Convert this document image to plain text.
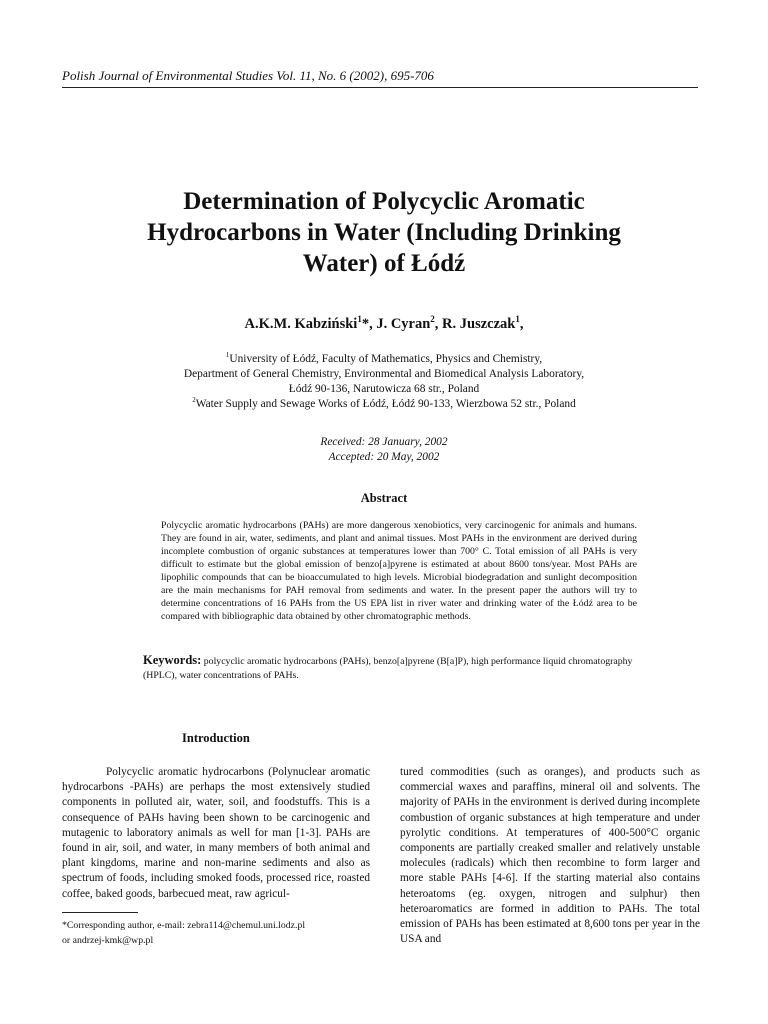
Polish Journal of Environmental Studies Vol. 11, No. 6 (2002), 695-706
Determination of Polycyclic Aromatic
Hydrocarbons in Water (Including Drinking
Water) of Łódź
A.K.M. Kabziński$^1$*, J. Cyran$^2$, R. Juszczak$^1$,
$^1$University of Łódź, Faculty of Mathematics, Physics and Chemistry,
Department of General Chemistry, Environmental and Biomedical Analysis Laboratory,
Łódź 90-136, Narutowicza 68 str., Poland
$^2$Water Supply and Sewage Works of Łódź, Łódź 90-133, Wierzbowa 52 str., Poland
Received: 28 January, 2002
Accepted: 20 May, 2002
Abstract

Polycyclic aromatic hydrocarbons (PAHs) are more dangerous xenobiotics, very carcinogenic for animals and humans. They are found in air, water, sediments, and plant and animal tissues. Most PAHs in the environment are derived during incomplete combustion of organic substances at temperatures lower than 700° C. Total emission of all PAHs is very difficult to estimate but the global emission of benzo[a]pyrene is estimated at about 8600 tons/year. Most PAHs are lipophilic compounds that can be bioaccumulated to high levels. Microbial biodegradation and sunlight decomposition are the main mechanisms for PAH removal from sediments and water. In the present paper the authors will try to determine concentrations of 16 PAHs from the US EPA list in river water and drinking water of the Łódź area to be compared with bibliographic data obtained by other chromatographic methods.

Keywords: polycyclic aromatic hydrocarbons (PAHs), benzo[a]pyrene (B[a]P), high performance liquid chromatography (HPLC), water concentrations of PAHs.
Introduction

Polycyclic aromatic hydrocarbons (Polynuclear aromatic hydrocarbons -PAHs) are perhaps the most extensively studied components in polluted air, water, soil, and foodstuffs. This is a consequence of PAHs having been shown to be carcinogenic and mutagenic to laboratory animals as well for man [1-3]. PAHs are found in air, soil, and water, in many members of both animal and plant kingdoms, marine and non-marine sediments and also as spectrum of foods, including smoked foods, processed rice, roasted coffee, baked goods, barbecued meat, raw agricul-

tured commodities (such as oranges), and products such as commercial waxes and paraffins, mineral oil and solvents. The majority of PAHs in the environment is derived during incomplete combustion of organic substances at high temperature and under pyrolytic conditions. At temperatures of 400-500°C organic components are partially creaked smaller and relatively unstable molecules (radicals) which then recombine to form larger and more stable PAHs [4-6]. If the starting material also contains heteroatoms (eg. oxygen, nitrogen and sulphur) then heteroaromatics are formed in addition to PAHs. The total emission of PAHs has been estimated at 8,600 tons per year in the USA and

*Corresponding author, e-mail: zebra114@chemul.uni.lodz.pl
or andrzej-kmk@wp.pl
